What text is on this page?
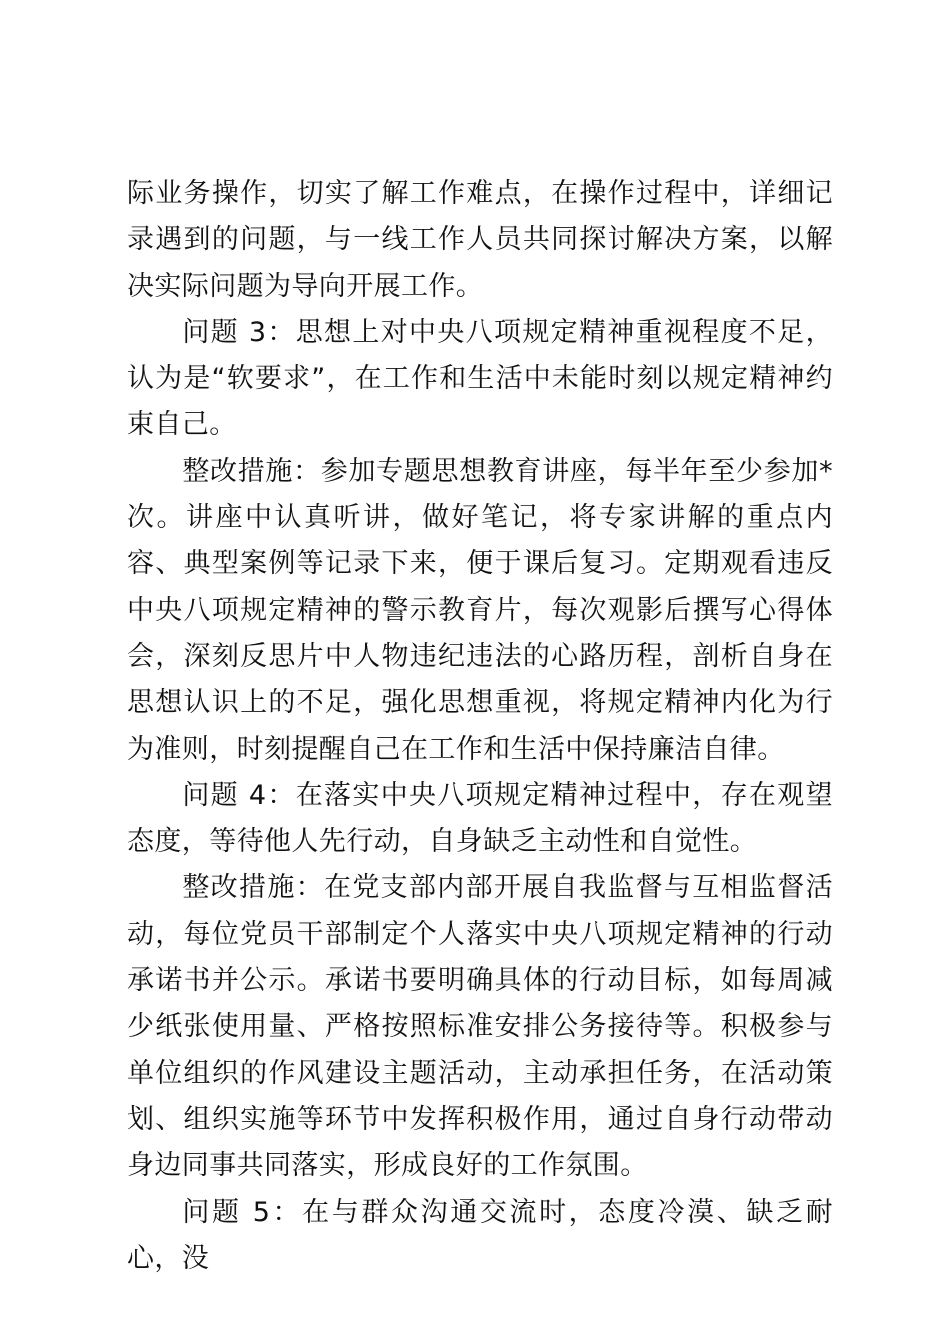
际业务操作，切实了解工作难点，在操作过程中，详细记录遇到的问题，与一线工作人员共同探讨解决方案，以解决实际问题为导向开展工作。

问题 3：思想上对中央八项规定精神重视程度不足，认为是“软要求”，在工作和生活中未能时刻以规定精神约束自己。

整改措施：参加专题思想教育讲座，每半年至少参加*次。讲座中认真听讲，做好笔记，将专家讲解的重点内容、典型案例等记录下来，便于课后复习。定期观看违反中央八项规定精神的警示教育片，每次观影后撰写心得体会，深刻反思片中人物违纪违法的心路历程，剖析自身在思想认识上的不足，强化思想重视，将规定精神内化为行为准则，时刻提醒自己在工作和生活中保持廉洁自律。

问题 4：在落实中央八项规定精神过程中，存在观望态度，等待他人先行动，自身缺乏主动性和自觉性。

整改措施：在党支部内部开展自我监督与互相监督活动，每位党员干部制定个人落实中央八项规定精神的行动承诺书并公示。承诺书要明确具体的行动目标，如每周减少纸张使用量、严格按照标准安排公务接待等。积极参与单位组织的作风建设主题活动，主动承担任务，在活动策划、组织实施等环节中发挥积极作用，通过自身行动带动身边同事共同落实，形成良好的工作氛围。

问题 5：在与群众沟通交流时，态度冷漠、缺乏耐心，没
